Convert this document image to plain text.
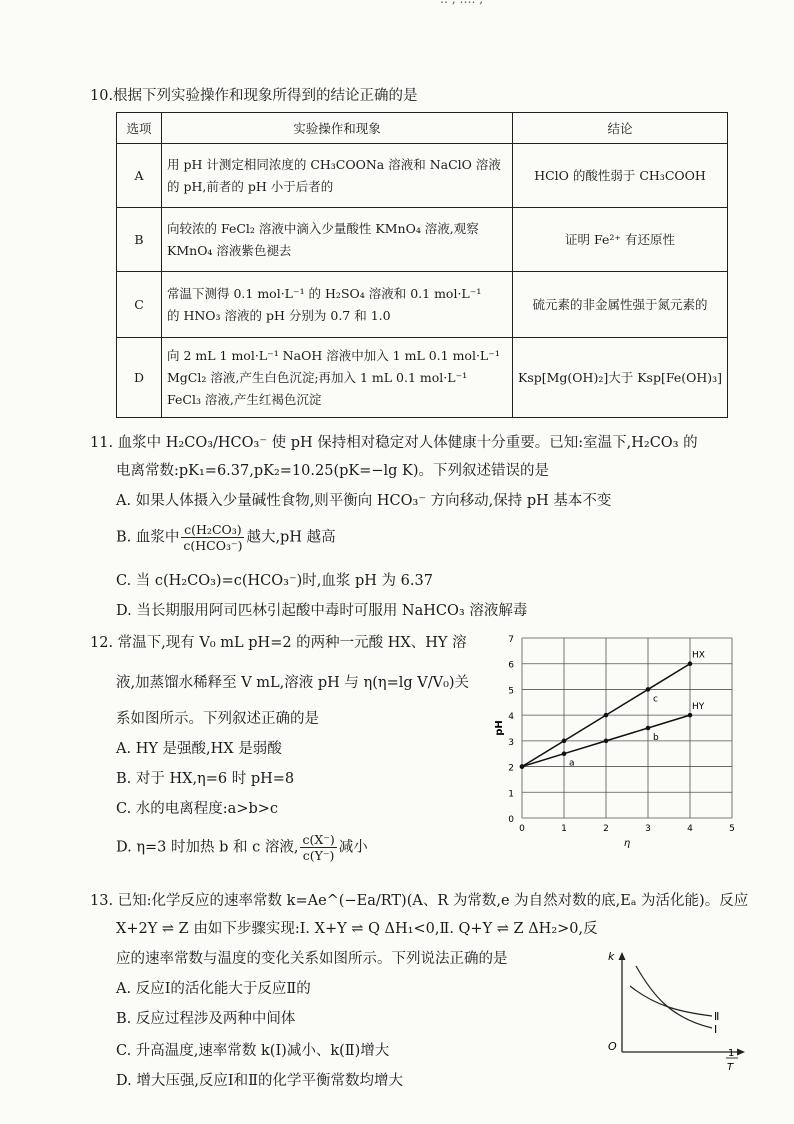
10.根据下列实验操作和现象所得到的结论正确的是
选项	实验操作和现象	结论
A	用 pH 计测定相同浓度的 CH₃COONa 溶液和 NaClO 溶液
的 pH,前者的 pH 小于后者的	HClO 的酸性弱于 CH₃COOH
B	向较浓的 FeCl₂ 溶液中滴入少量酸性 KMnO₄ 溶液,观察
KMnO₄ 溶液紫色褪去	证明 Fe²⁺ 有还原性
C	常温下测得 0.1 mol·L⁻¹ 的 H₂SO₄ 溶液和 0.1 mol·L⁻¹
的 HNO₃ 溶液的 pH 分别为 0.7 和 1.0	硫元素的非金属性强于氮元素的
D	向 2 mL 1 mol·L⁻¹ NaOH 溶液中加入 1 mL 0.1 mol·L⁻¹
MgCl₂ 溶液,产生白色沉淀;再加入 1 mL 0.1 mol·L⁻¹
FeCl₃ 溶液,产生红褐色沉淀	Ksp[Mg(OH)₂]大于 Ksp[Fe(OH)₃]
11. 血浆中 H₂CO₃/HCO₃⁻ 使 pH 保持相对稳定对人体健康十分重要。已知:室温下,H₂CO₃ 的
电离常数:pK₁=6.37,pK₂=10.25(pK=−lg K)。下列叙述错误的是
A. 如果人体摄入少量碱性食物,则平衡向 HCO₃⁻ 方向移动,保持 pH 基本不变
B. 血浆中 $\frac{\text{c(H₂CO₃)}}{\text{c(HCO₃⁻)}}$ 越大,pH 越高
C. 当 c(H₂CO₃)=c(HCO₃⁻)时,血浆 pH 为 6.37
D. 当长期服用阿司匹林引起酸中毒时可服用 NaHCO₃ 溶液解毒
12. 常温下,现有 V₀ mL pH=2 的两种一元酸 HX、HY 溶
液,加蒸馏水稀释至 V mL,溶液 pH 与 η(η=lg V/V₀)关
系如图所示。下列叙述正确的是
A. HY 是强酸,HX 是弱酸
B. 对于 HX,η=6 时 pH=8
C. 水的电离程度:a>b>c
D. η=3 时加热 b 和 c 溶液, $\frac{c(X^-)}{c(Y^-)}$ 减小
0
1
2
3
4
5
6
7
0	1	2	3	4	5
η
pH
HX
HY
a
b
c
13. 已知:化学反应的速率常数 k=Ae^(−Ea/RT)(A、R 为常数,e 为自然对数的底,Eₐ 为活化能)。反应
X+2Y ⇌ Z 由如下步骤实现:Ⅰ. X+Y ⇌ Q ΔH₁<0,Ⅱ. Q+Y ⇌ Z ΔH₂>0,反
应的速率常数与温度的变化关系如图所示。下列说法正确的是
A. 反应Ⅰ的活化能大于反应Ⅱ的
B. 反应过程涉及两种中间体
C. 升高温度,速率常数 k(Ⅰ)减小、k(Ⅱ)增大
D. 增大压强,反应Ⅰ和Ⅱ的化学平衡常数均增大
k
O
1
T
Ⅱ
Ⅰ
